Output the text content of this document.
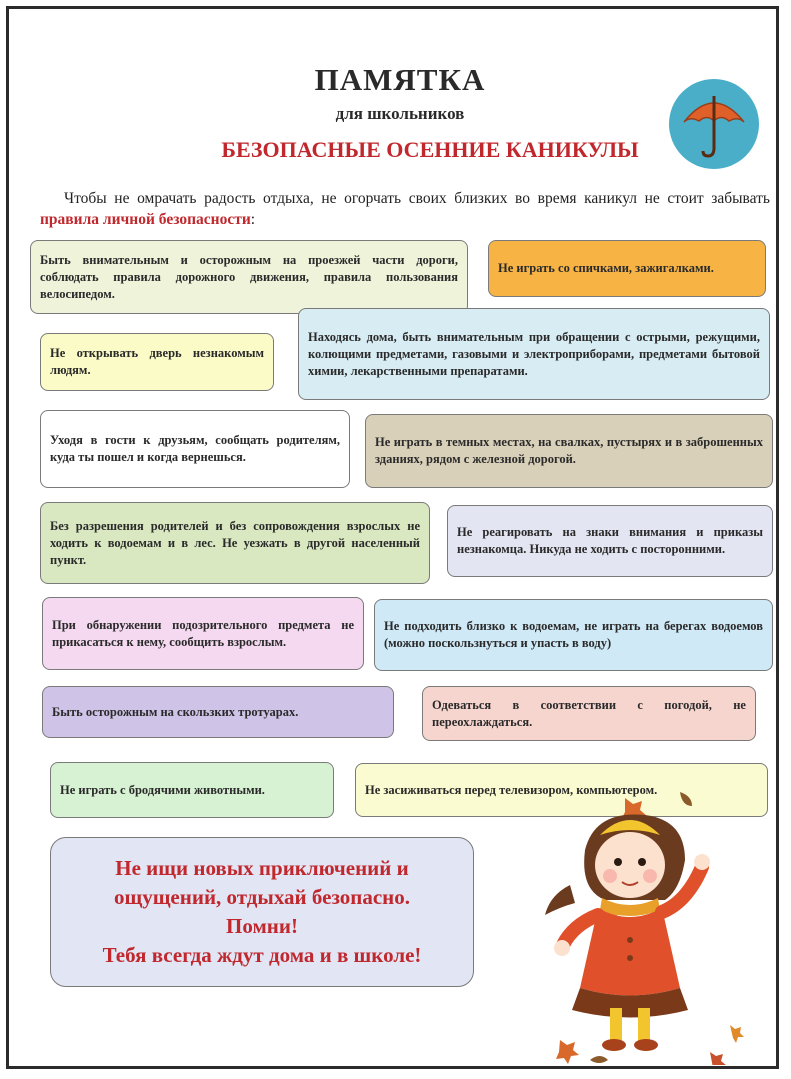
ПАМЯТКА
для школьников
БЕЗОПАСНЫЕ ОСЕННИЕ КАНИКУЛЫ
Чтобы не омрачать радость отдыха, не огорчать своих близких во время каникул не стоит забывать правила личной безопасности:
Быть внимательным и осторожным на проезжей части дороги, соблюдать правила дорожного движения, правила пользования велосипедом.
Не играть со спичками, зажигалками.
Находясь дома, быть внимательным при обращении с острыми, режущими, колющими предметами, газовыми и электроприборами, предметами бытовой химии, лекарственными препаратами.
Не открывать дверь незнакомым людям.
Уходя в гости к друзьям, сообщать родителям, куда ты пошел и когда вернешься.
Не играть в темных местах, на свалках, пустырях и в заброшенных зданиях, рядом с железной дорогой.
Без разрешения родителей и без сопровождения взрослых не ходить к водоемам и в лес. Не уезжать в другой населенный пункт.
Не реагировать на знаки внимания и приказы незнакомца. Никуда не ходить с посторонними.
При обнаружении подозрительного предмета не прикасаться к нему, сообщить взрослым.
Не подходить близко к водоемам, не играть на берегах водоемов (можно поскользнуться и упасть в воду)
Быть осторожным на скользких тротуарах.	Одеваться в соответствии с погодой, не переохлаждаться.
Не играть с бродячими животными.	Не засиживаться перед телевизором, компьютером.
Не ищи новых приключений и
ощущений, отдыхай безопасно.
Помни!
Тебя всегда ждут дома и в школе!
